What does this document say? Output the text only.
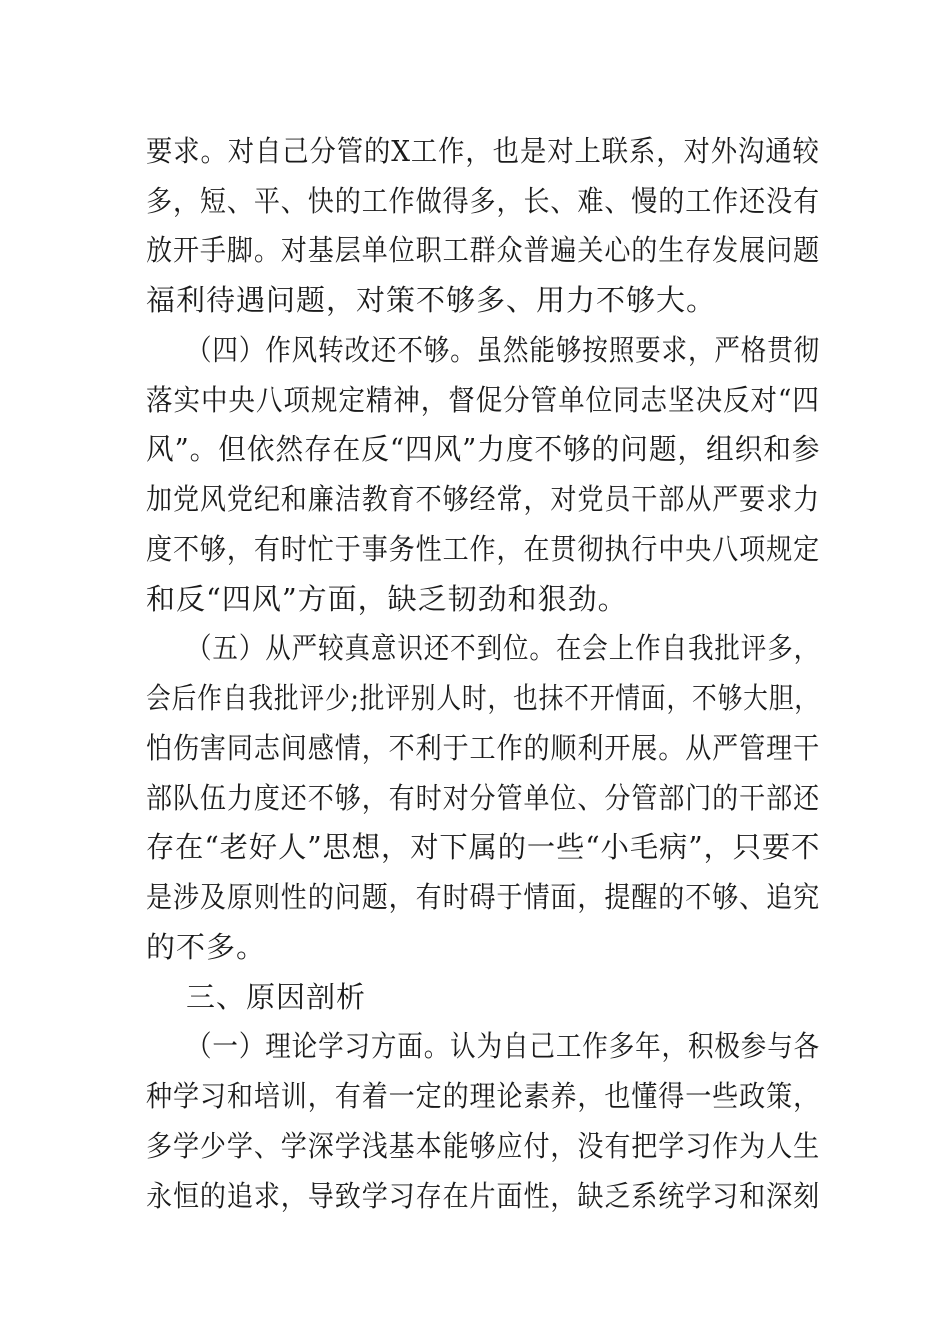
要求。对自己分管的X工作，也是对上联系，对外沟通较
多，短、平、快的工作做得多，长、难、慢的工作还没有
放开手脚。对基层单位职工群众普遍关心的生存发展问题
福利待遇问题，对策不够多、用力不够大。
（四）作风转改还不够。虽然能够按照要求，严格贯彻
落实中央八项规定精神，督促分管单位同志坚决反对“四
风”。但依然存在反“四风”力度不够的问题，组织和参
加党风党纪和廉洁教育不够经常，对党员干部从严要求力
度不够，有时忙于事务性工作，在贯彻执行中央八项规定
和反“四风”方面，缺乏韧劲和狠劲。
（五）从严较真意识还不到位。在会上作自我批评多，
会后作自我批评少;批评别人时，也抹不开情面，不够大胆，
怕伤害同志间感情，不利于工作的顺利开展。从严管理干
部队伍力度还不够，有时对分管单位、分管部门的干部还
存在“老好人”思想，对下属的一些“小毛病”，只要不
是涉及原则性的问题，有时碍于情面，提醒的不够、追究
的不多。
三、原因剖析
（一）理论学习方面。认为自己工作多年，积极参与各
种学习和培训，有着一定的理论素养，也懂得一些政策，
多学少学、学深学浅基本能够应付，没有把学习作为人生
永恒的追求，导致学习存在片面性，缺乏系统学习和深刻
